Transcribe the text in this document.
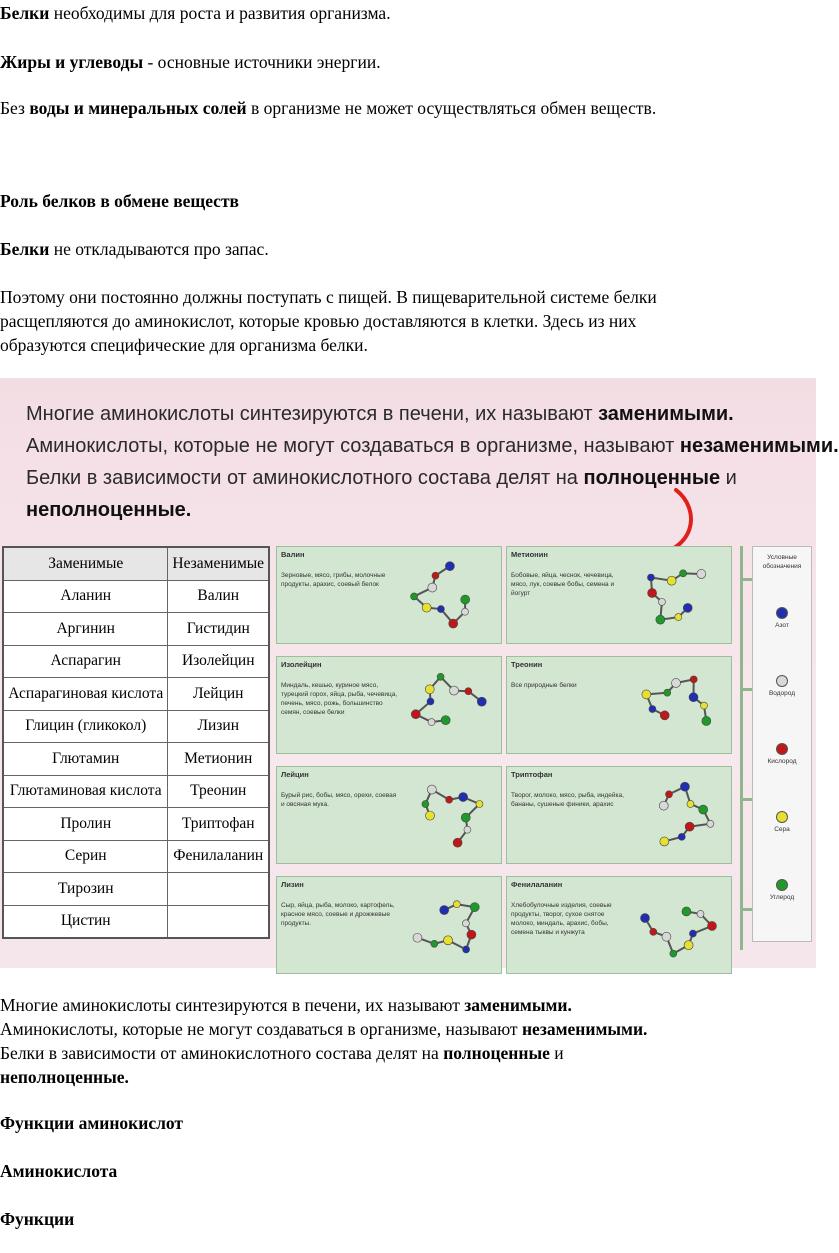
Белки необходимы для роста и развития организма.

Жиры и углеводы - основные источники энергии.

Без воды и минеральных солей в организме не может осуществляться обмен веществ.

Роль белков в обмене веществ

Белки не откладываются про запас.

Поэтому они постоянно должны поступать с пищей. В пищеварительной системе белки

расщепляются до аминокислот, которые кровью доставляются в клетки. Здесь из них

образуются специфические для организма белки.

Многие аминокислоты синтезируются в печени, их называют заменимыми.
Аминокислоты, которые не могут создаваться в организме, называют незаменимыми.
Белки в зависимости от аминокислотного состава делят на полноценные и
неполноценные.
Заменимые	Незаменимые
Аланин	Валин
Аргинин	Гистидин
Аспарагин	Изолейцин
Аспарагиновая кислота	Лейцин
Глицин (гликокол)	Лизин
Глютамин	Метионин
Глютаминовая кислота	Треонин
Пролин	Триптофан
Серин	Фенилаланин
Тирозин	
Цистин	
Валин
Зерновые, мясо, грибы, молочные продукты, арахис, соевый белок
Метионин
Бобовые, яйца, чеснок, чечевица, мясо, лук, соевые бобы, семена и йогурт
Изолейцин
Миндаль, кешью, куриное мясо, турецкий горох, яйца, рыба, чечевица, печень, мясо, рожь, большинство семян, соевые белки
Треонин
Все природные белки
Лейцин
Бурый рис, бобы, мясо, орехи, соевая и овсяная мука.
Триптофан
Творог, молоко, мясо, рыба, индейка, бананы, сушеные финики, арахис
Лизин
Сыр, яйца, рыба, молоко, картофель, красное мясо, соевые и дрожжевые продукты.
Фенилаланин
Хлебобулочные изделия, соевые продукты, творог, сухое снятое молоко, миндаль, арахис, бобы, семена тыквы и кунжута
Условные обозначения
Азот
Водород
Кислород
Сера
Углерод

Многие аминокислоты синтезируются в печени, их называют заменимыми.

Аминокислоты, которые не могут создаваться в организме, называют незаменимыми.

Белки в зависимости от аминокислотного состава делят на полноценные и

неполноценные.

Функции аминокислот

Аминокислота

Функции
